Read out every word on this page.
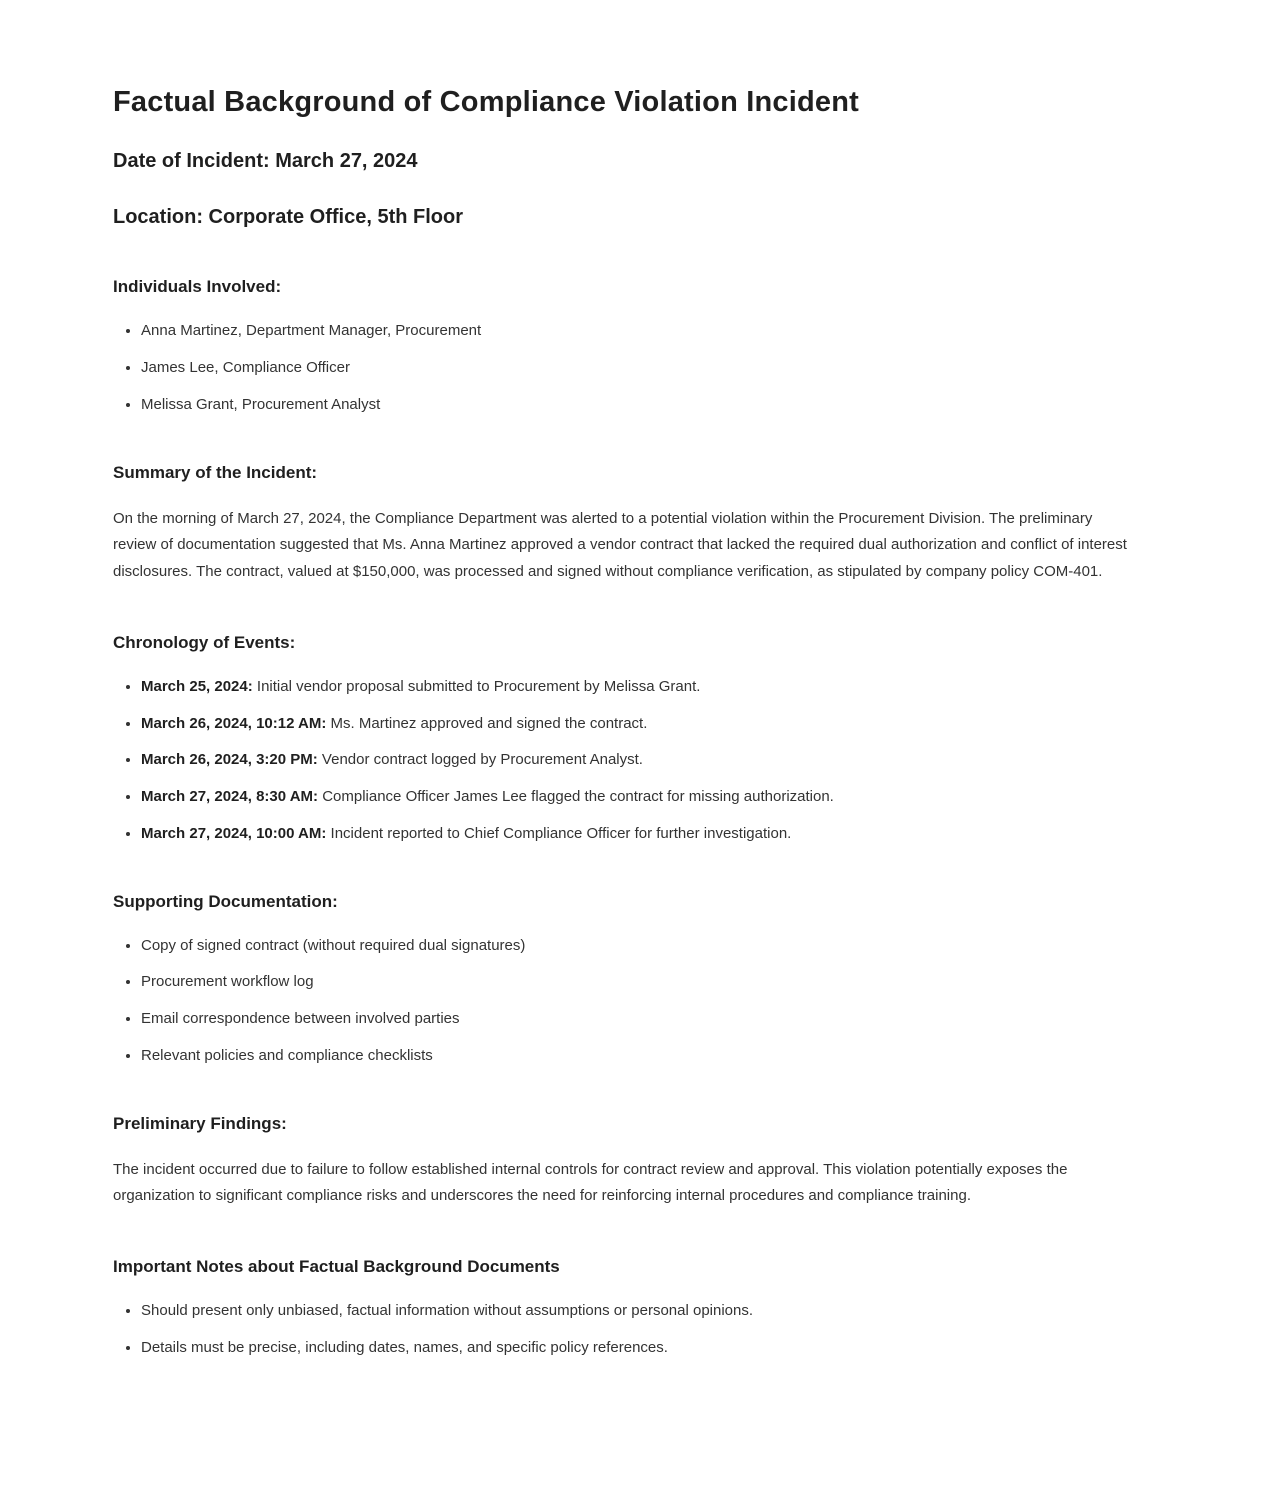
Factual Background of Compliance Violation Incident
Date of Incident: March 27, 2024
Location: Corporate Office, 5th Floor
Individuals Involved:
• Anna Martinez, Department Manager, Procurement
• James Lee, Compliance Officer
• Melissa Grant, Procurement Analyst
Summary of the Incident:

On the morning of March 27, 2024, the Compliance Department was alerted to a potential violation within the Procurement Division. The preliminary review of documentation suggested that Ms. Anna Martinez approved a vendor contract that lacked the required dual authorization and conflict of interest disclosures. The contract, valued at $150,000, was processed and signed without compliance verification, as stipulated by company policy COM-401.

Chronology of Events:
• March 25, 2024: Initial vendor proposal submitted to Procurement by Melissa Grant.
• March 26, 2024, 10:12 AM: Ms. Martinez approved and signed the contract.
• March 26, 2024, 3:20 PM: Vendor contract logged by Procurement Analyst.
• March 27, 2024, 8:30 AM: Compliance Officer James Lee flagged the contract for missing authorization.
• March 27, 2024, 10:00 AM: Incident reported to Chief Compliance Officer for further investigation.
Supporting Documentation:
• Copy of signed contract (without required dual signatures)
• Procurement workflow log
• Email correspondence between involved parties
• Relevant policies and compliance checklists
Preliminary Findings:

The incident occurred due to failure to follow established internal controls for contract review and approval. This violation potentially exposes the organization to significant compliance risks and underscores the need for reinforcing internal procedures and compliance training.

Important Notes about Factual Background Documents
• Should present only unbiased, factual information without assumptions or personal opinions.
• Details must be precise, including dates, names, and specific policy references.
